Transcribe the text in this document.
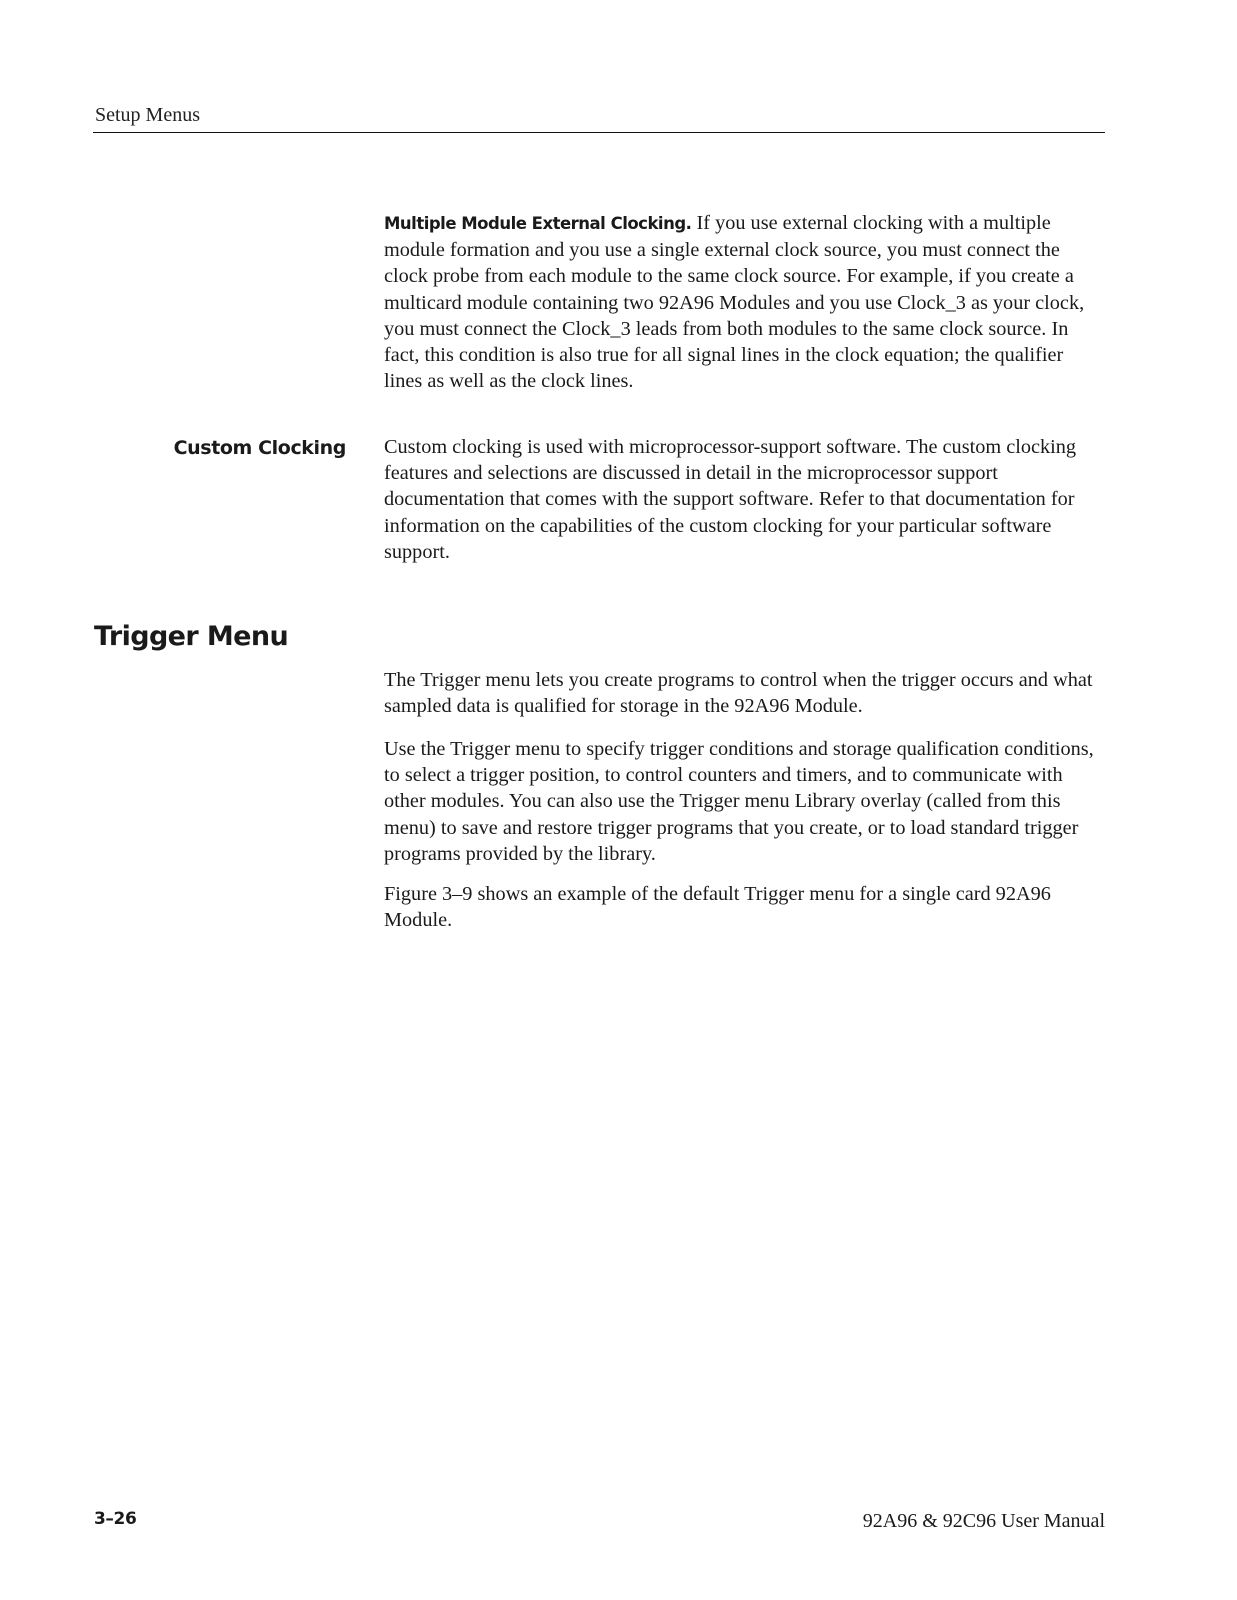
Setup Menus

Multiple Module External Clocking. If you use external clocking with a multiple module formation and you use a single external clock source, you must connect the clock probe from each module to the same clock source. For example, if you create a multicard module containing two 92A96 Modules and you use Clock_3 as your clock, you must connect the Clock_3 leads from both modules to the same clock source. In fact, this condition is also true for all signal lines in the clock equation; the qualifier lines as well as the clock lines.

Custom Clocking Custom clocking is used with microprocessor-support software. The custom clocking features and selections are discussed in detail in the microprocessor support documentation that comes with the support software. Refer to that documentation for information on the capabilities of the custom clocking for your particular software support.

Trigger Menu

The Trigger menu lets you create programs to control when the trigger occurs and what sampled data is qualified for storage in the 92A96 Module.

Use the Trigger menu to specify trigger conditions and storage qualification conditions, to select a trigger position, to control counters and timers, and to communicate with other modules. You can also use the Trigger menu Library overlay (called from this menu) to save and restore trigger programs that you create, or to load standard trigger programs provided by the library.

Figure 3–9 shows an example of the default Trigger menu for a single card 92A96 Module.

3–26	92A96 & 92C96 User Manual
